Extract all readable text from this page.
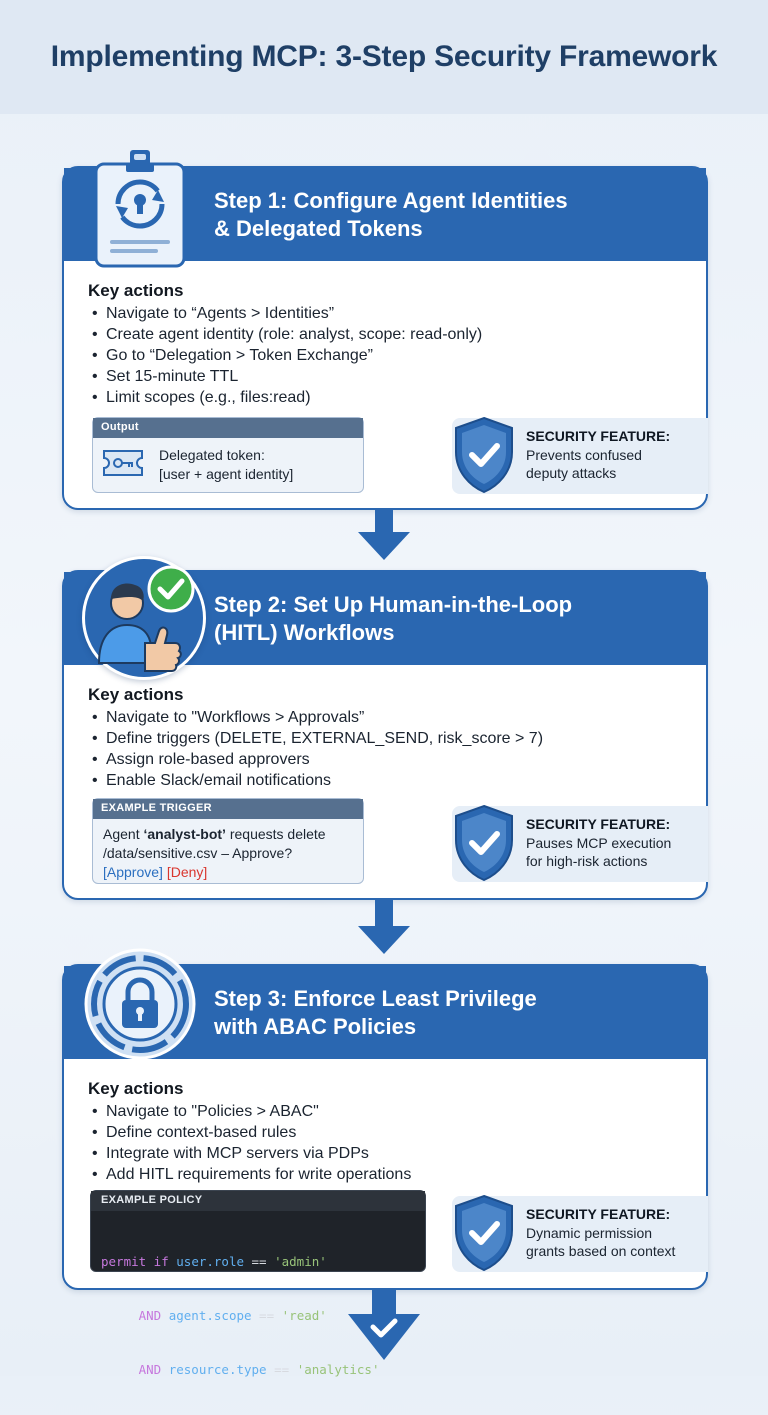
Implementing MCP: 3-Step Security Framework
Step 1: Configure Agent Identities
& Delegated Tokens
Key actions
• Navigate to “Agents > Identities”
• Create agent identity (role: analyst, scope: read-only)
• Go to “Delegation > Token Exchange”
• Set 15-minute TTL
• Limit scopes (e.g., files:read)
Output
Delegated token:
[user + agent identity]
SECURITY FEATURE:
Prevents confused
deputy attacks
Step 2: Set Up Human-in-the-Loop
(HITL) Workflows
Key actions
• Navigate to "Workflows > Approvals”
• Define triggers (DELETE, EXTERNAL_SEND, risk_score > 7)
• Assign role-based approvers
• Enable Slack/email notifications
EXAMPLE TRIGGER
Agent ‘analyst-bot’ requests delete
/data/sensitive.csv – Approve?
[Approve] [Deny]
SECURITY FEATURE:
Pauses MCP execution
for high-risk actions
Step 3: Enforce Least Privilege
with ABAC Policies
Key actions
• Navigate to "Policies > ABAC"
• Define context-based rules
• Integrate with MCP servers via PDPs
• Add HITL requirements for write operations
EXAMPLE POLICY

permit if user.role == 'admin'

AND agent.scope == 'read'

AND resource.type == 'analytics'

SECURITY FEATURE:
Dynamic permission
grants based on context
